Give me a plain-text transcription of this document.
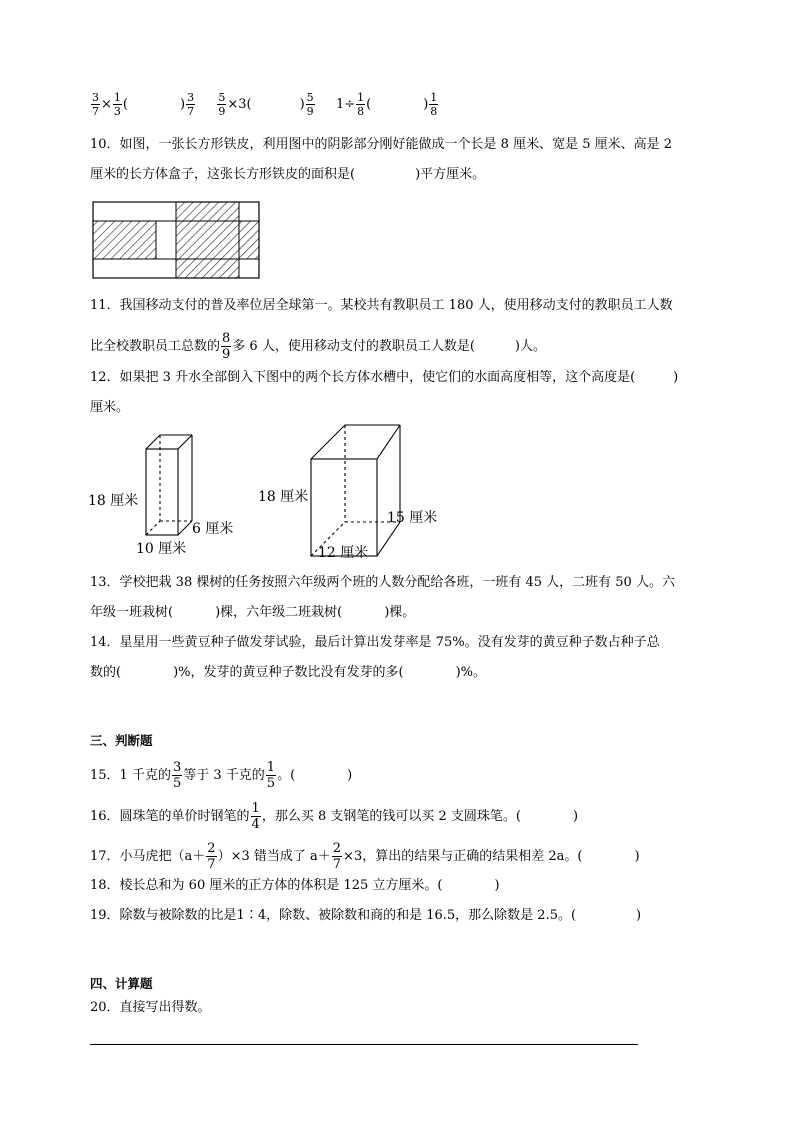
$\frac{3}{7} \times \frac{1}{3}$ (	) $\frac{3}{7}$
$\frac{5}{9} \times 3$(	) $\frac{5}{9} 1\div \frac{1}{8}$ (	) $\frac{1}{8}$
10．如图，一张长方形铁皮，利用图中的阴影部分刚好能做成一个长是 8 厘米、宽是 5 厘米、高是 2
厘米的长方体盒子，这张长方形铁皮的面积是(	)平方厘米。
11．我国移动支付的普及率位居全球第一。某校共有教职员工 180 人，使用移动支付的教职员工人数
比全校教职员工总数的 $\frac{8}{9}$ 多 6 人，使用移动支付的教职员工人数是(	)人。
12．如果把 3 升水全部倒入下图中的两个长方体水槽中，使它们的水面高度相等，这个高度是(	)
厘米。
18 厘米
6 厘米
10 厘米
18 厘米
15 厘米
12 厘米
13．学校把栽 38 棵树的任务按照六年级两个班的人数分配给各班，一班有 45 人，二班有 50 人。六
年级一班栽树(	)棵，六年级二班栽树(	)棵。
14．星星用一些黄豆种子做发芽试验，最后计算出发芽率是 75%。没有发芽的黄豆种子数占种子总
数的(	)%，发芽的黄豆种子数比没有发芽的多(	)%。
三、判断题
15．1 千克的 $\frac{3}{5}$ 等于 3 千克的 $\frac{1}{5}$ 。(	)
16．圆珠笔的单价时钢笔的 $\frac{1}{4}$ ，那么买 8 支钢笔的钱可以买 2 支圆珠笔。(	)
17．小马虎把$(a+ \frac{2}{7} )\times 3$ 错当成了 $a+ \frac{2}{7} \times 3$，算出的结果与正确的结果相差 2a。(	)
18．棱长总和为 60 厘米的正方体的体积是 125 立方厘米。(	)
19．除数与被除数的比是1∶4，除数、被除数和商的和是 16.5，那么除数是 2.5。(	)
四、计算题
20．直接写出得数。
